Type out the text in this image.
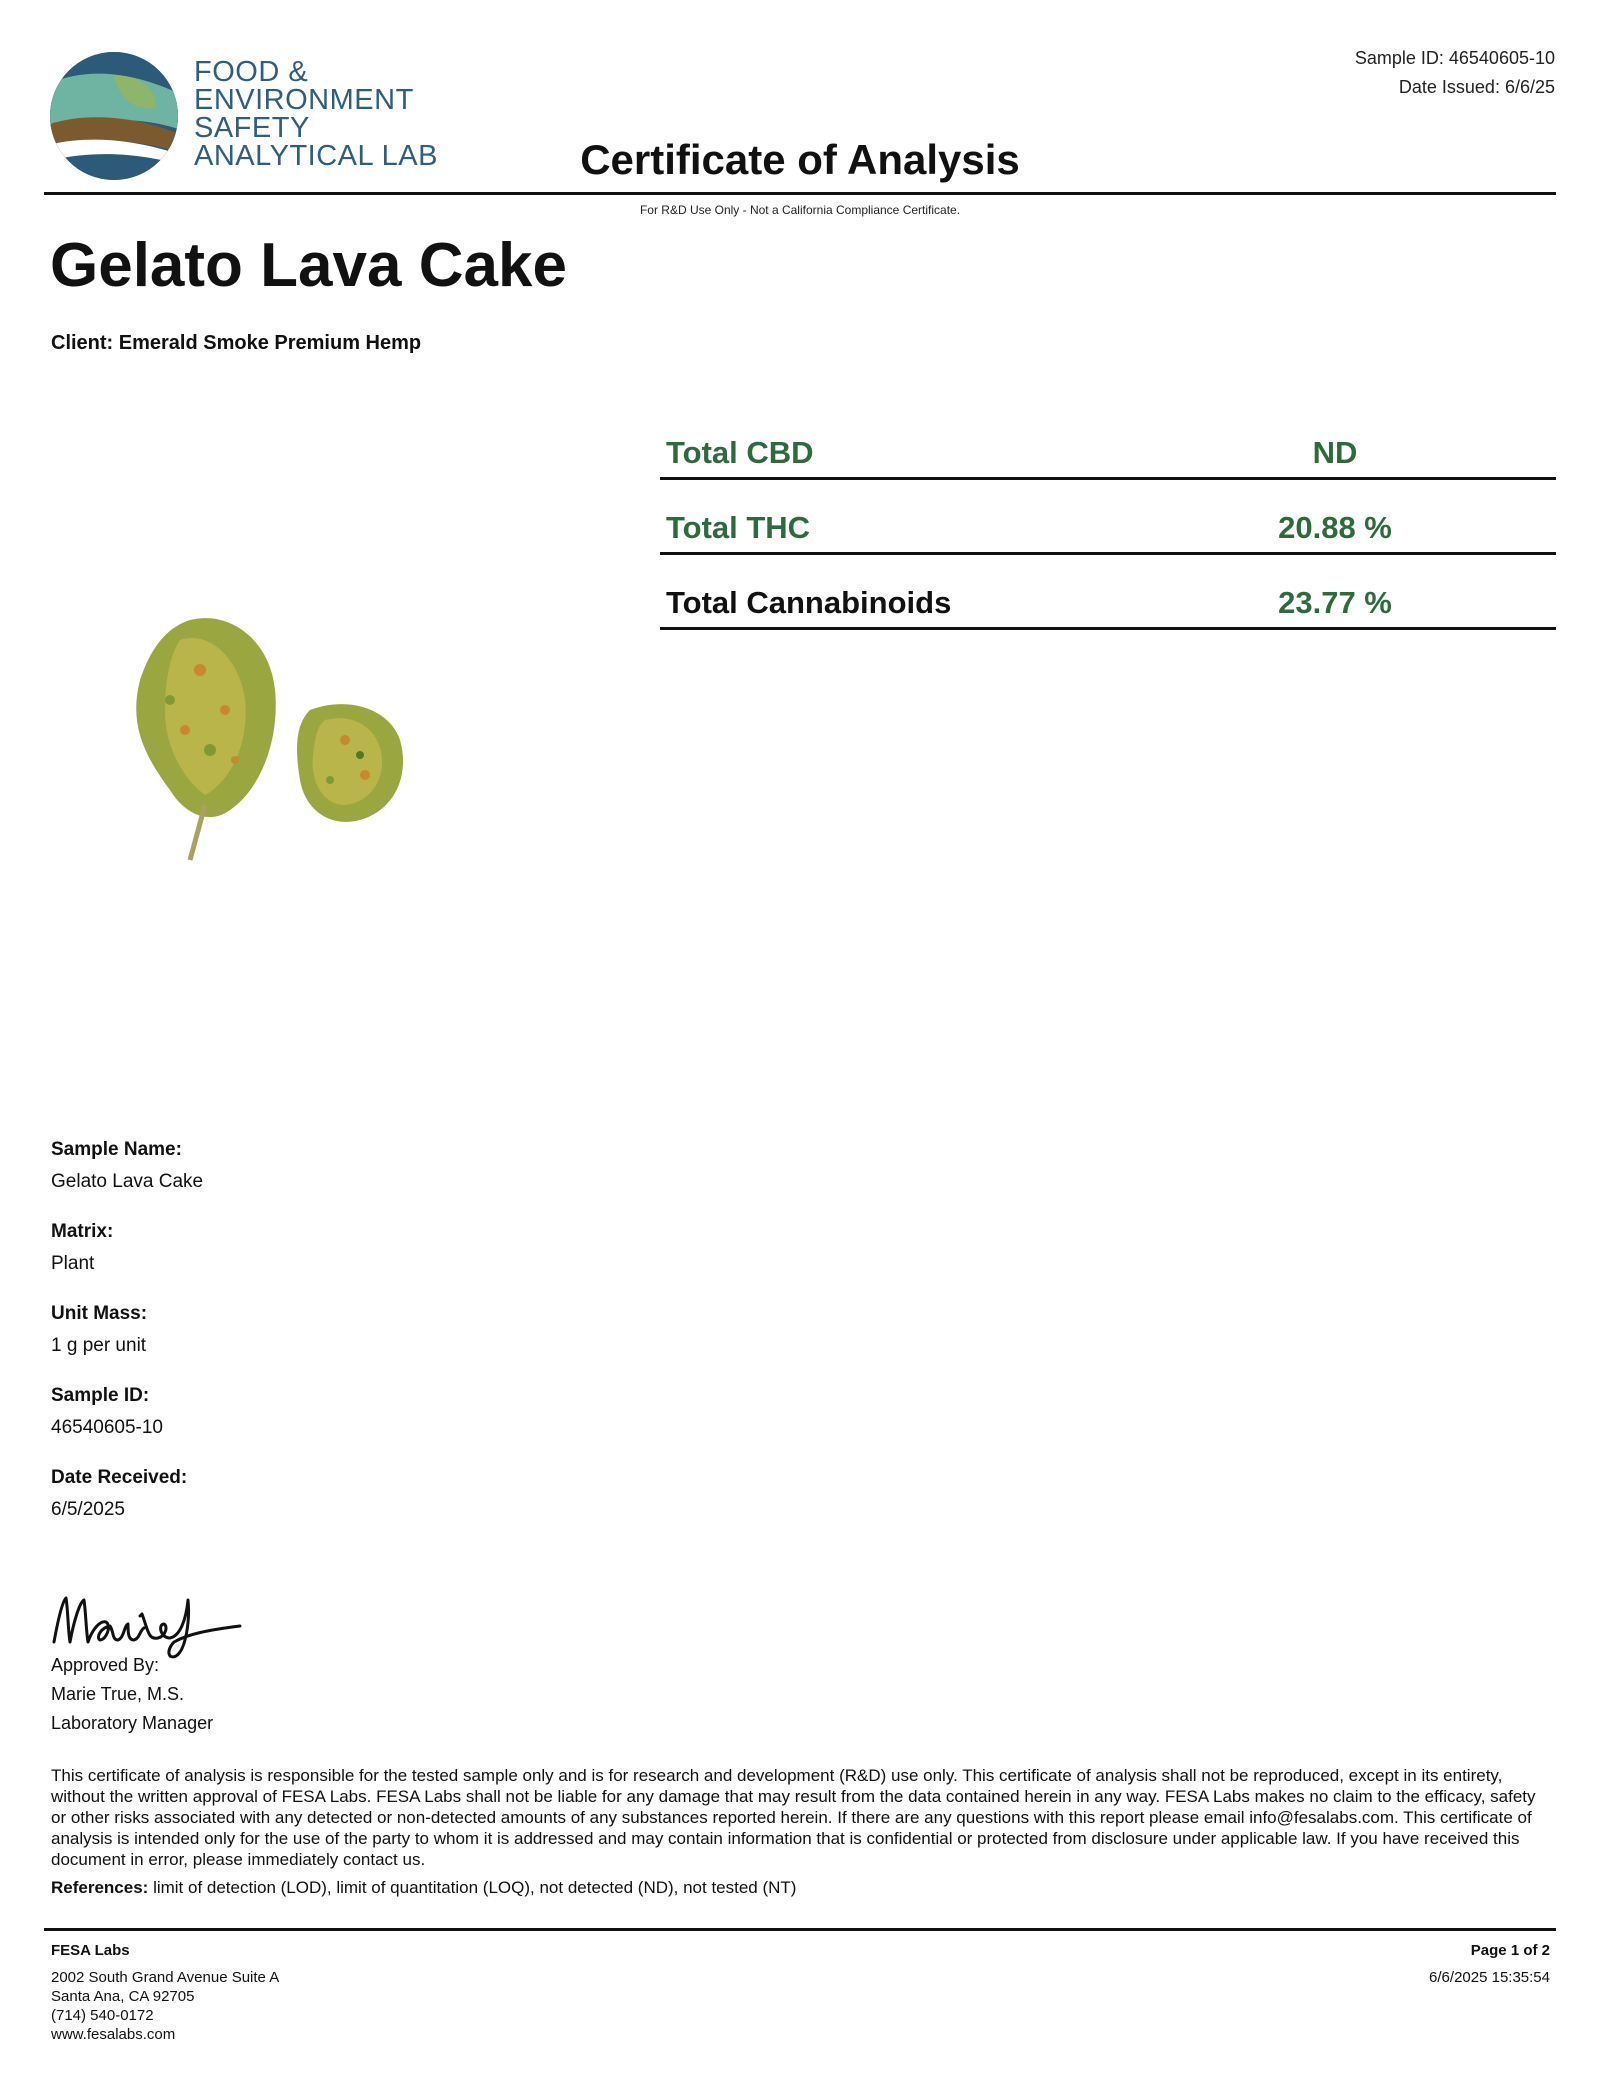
FOOD &
ENVIRONMENT
SAFETY
ANALYTICAL LAB
Sample ID: 46540605-10
Date Issued: 6/6/25
Certificate of Analysis
For R&D Use Only - Not a California Compliance Certificate.
Gelato Lava Cake
Client: Emerald Smoke Premium Hemp
Total CBD	ND
Total THC	20.88 %
Total Cannabinoids	23.77 %
Sample Name:
Gelato Lava Cake
Matrix:
Plant
Unit Mass:
1 g per unit
Sample ID:
46540605-10
Date Received:
6/5/2025
Approved By:
Marie True, M.S.
Laboratory Manager
This certificate of analysis is responsible for the tested sample only and is for research and development (R&D) use only. This certificate of analysis shall not be reproduced, except in its entirety, without the written approval of FESA Labs. FESA Labs shall not be liable for any damage that may result from the data contained herein in any way. FESA Labs makes no claim to the efficacy, safety or other risks associated with any detected or non-detected amounts of any substances reported herein. If there are any questions with this report please email info@fesalabs.com. This certificate of analysis is intended only for the use of the party to whom it is addressed and may contain information that is confidential or protected from disclosure under applicable law. If you have received this document in error, please immediately contact us.
References: limit of detection (LOD), limit of quantitation (LOQ), not detected (ND), not tested (NT)
FESA Labs
2002 South Grand Avenue Suite A
Santa Ana, CA 92705
(714) 540-0172
www.fesalabs.com
Page 1 of 2
6/6/2025 15:35:54
